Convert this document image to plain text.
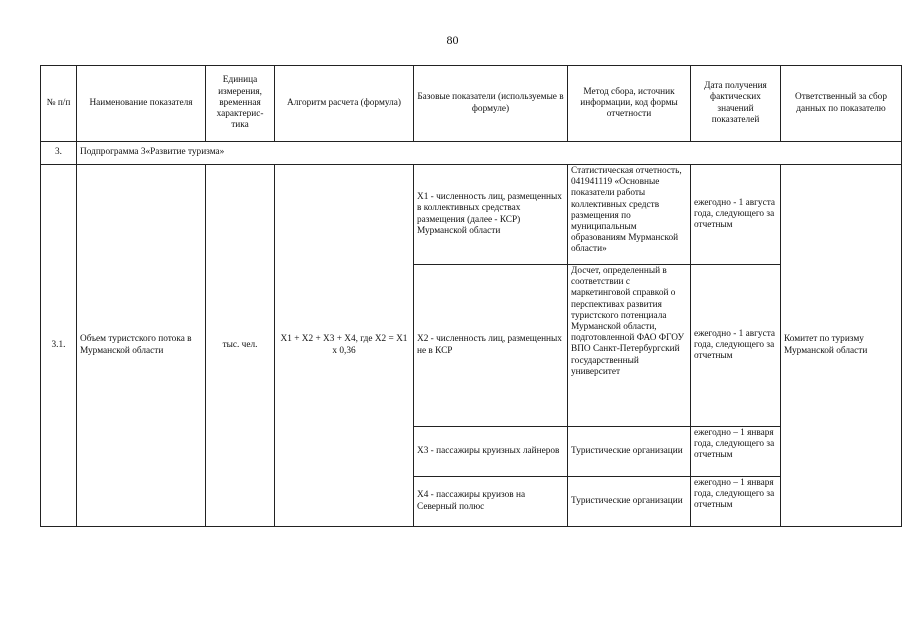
80
№ п/п	Наименование показателя	Единица измерения, временная характерис-тика	Алгоритм расчета (формула)	Базовые показатели (используемые в формуле)	Метод сбора, источник информации, код формы отчетности	Дата получения фактических значений показателей	Ответственный за сбор данных по показателю
3.	Подпрограмма 3«Развитие туризма»						
3.1.	Объем туристского потока в Мурманской области	тыс. чел.	X1 + X2 + X3 + X4, где X2 = X1 х 0,36	X1 - численность лиц, размещенных в коллективных средствах размещения (далее - КСР) Мурманской области	Статистическая отчетность, 041941119 «Основные показатели работы коллективных средств размещения по муниципальным образованиям Мурманской области»	ежегодно - 1 августа года, следующего за отчетным	Комитет по туризму Мурманской области
				X2 - численность лиц, размещенных не в КСР	Досчет, определенный в соответствии с маркетинговой справкой о перспективах развития туристского потенциала Мурманской области, подготовленной ФАО ФГОУ ВПО Санкт-Петербургский государственный университет	ежегодно - 1 августа года, следующего за отчетным	
				X3 - пассажиры круизных лайнеров	Туристические организации	ежегодно – 1 января года, следующего за отчетным	
				X4 - пассажиры круизов на Северный полюс	Туристические организации	ежегодно – 1 января года, следующего за отчетным	
